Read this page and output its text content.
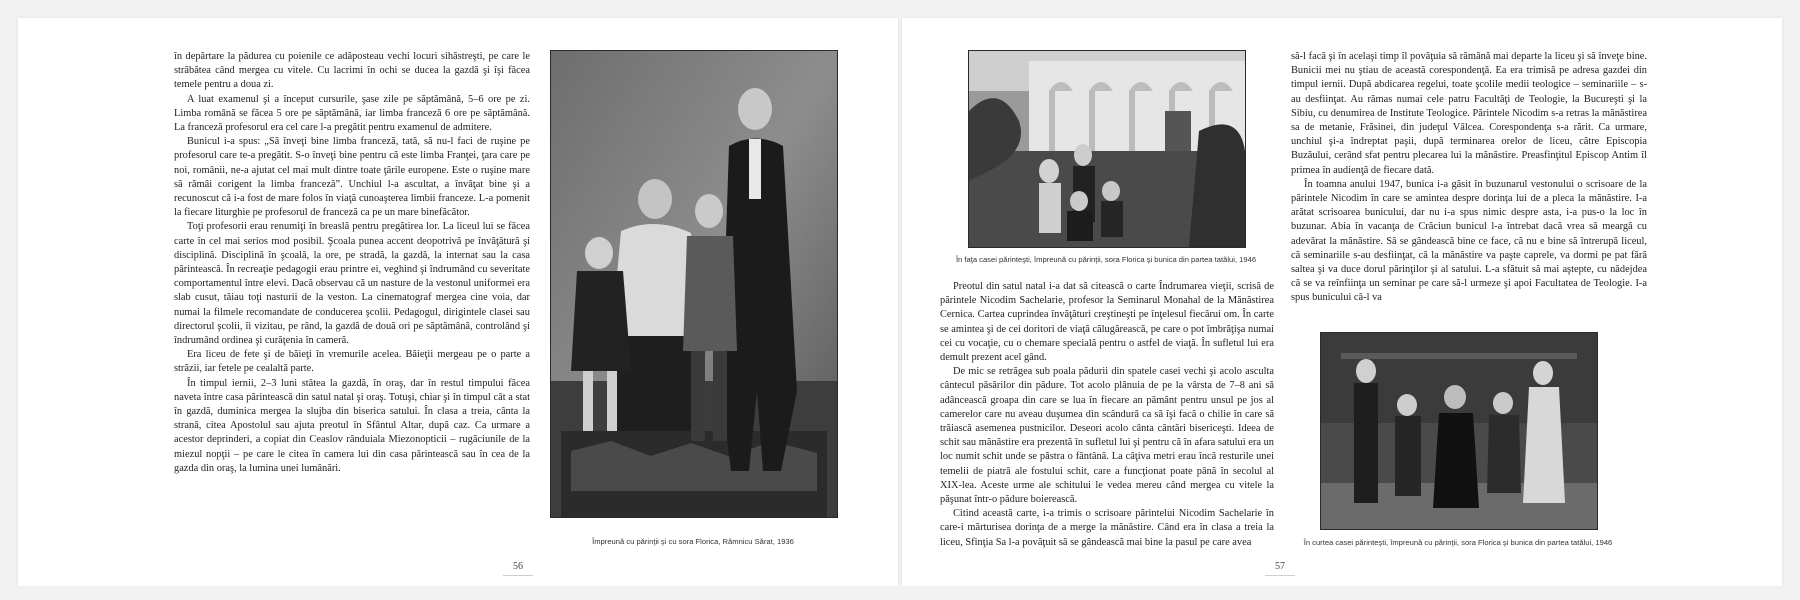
în depărtare la pădurea cu poienile ce adăposteau vechi locuri sihăstreşti, pe care le străbătea când mergea cu vitele. Cu lacrimi în ochi se ducea la gazdă şi îşi făcea temele pentru a doua zi.

A luat examenul şi a început cursurile, şase zile pe săptămână, 5–6 ore pe zi. Limba română se făcea 5 ore pe săptămână, iar limba franceză 6 ore pe săptămână. La franceză profesorul era cel care l-a pregătit pentru examenul de admitere.

Bunicul i-a spus: „Să înveţi bine limba franceză, tată, să nu-l faci de ruşine pe profesorul care te-a pregătit. S-o înveţi bine pentru că este limba Franţei, ţara care pe noi, românii, ne-a ajutat cel mai mult dintre toate ţările europene. Este o ruşine mare să rămâi corigent la limba franceză”. Unchiul l-a ascultat, a învăţat bine şi a recunoscut că i-a fost de mare folos în viaţă cunoaşterea limbii franceze. L-a pomenit la fiecare liturghie pe profesorul de franceză ca pe un mare binefăcător.

Toţi profesorii erau renumiţi în breaslă pentru pregătirea lor. La liceul lui se făcea carte în cel mai serios mod posibil. Şcoala punea accent deopotrivă pe învăţătură şi disciplină. Disciplină în şcoală, la ore, pe stradă, la gazdă, la internat sau la casa părintească. În recreaţie pedagogii erau printre ei, veghind şi îndrumând cu severitate comportamentul între elevi. Dacă observau că un nasture de la vestonul uniformei era slab cusut, tăiau toţi nasturii de la veston. La cinematograf mergea cine voia, dar numai la filmele recomandate de conducerea şcolii. Pedagogul, dirigintele clasei sau directorul şcolii, îi vizitau, pe rând, la gazdă de două ori pe săptămână, controlând şi îndrumând ordinea şi curăţenia în cameră.

Era liceu de fete şi de băieţi în vremurile acelea. Băieţii mergeau pe o parte a străzii, iar fetele pe cealaltă parte.

În timpul iernii, 2–3 luni stătea la gazdă, în oraş, dar în restul timpului făcea naveta între casa părintească din satul natal şi oraş. Totuşi, chiar şi în timpul cât a stat în gazdă, duminica mergea la slujba din biserica satului. În clasa a treia, cânta la strană, citea Apostolul sau ajuta preotul în Sfântul Altar, după caz. Ca urmare a acestor deprinderi, a copiat din Ceaslov rânduiala Miezonopticii – rugăciunile de la miezul nopţii – pe care le citea în camera lui din casa părintească sau în cea de la gazda din oraş, la lumina unei lumânări.

Împreună cu părinţii şi cu sora Florica, Râmnicu Sărat, 1936
56
În faţa casei părinteşti, împreună cu părinţii, sora Florica şi bunica din partea tatălui, 1946

Preotul din satul natal i-a dat să citească o carte Îndrumarea vieţii, scrisă de părintele Nicodim Sachelarie, profesor la Seminarul Monahal de la Mănăstirea Cernica. Cartea cuprindea învăţături creştineşti pe înţelesul fiecărui om. În carte se amintea şi de cei doritori de viaţă călugărească, pe care o pot îmbrăţişa numai cei cu vocaţie, cu o chemare specială pentru o astfel de viaţă. În sufletul lui era demult prezent acel gând.

De mic se retrăgea sub poala pădurii din spatele casei vechi şi acolo asculta cântecul păsărilor din pădure. Tot acolo plănuia de pe la vârsta de 7–8 ani să adâncească groapa din care se lua în fiecare an pământ pentru unsul pe jos al camerelor care nu aveau duşumea din scândură ca să îşi facă o chilie în care să trăiască asemenea pustnicilor. Deseori acolo cânta cântări bisericeşti. Ideea de schit sau mănăstire era prezentă în sufletul lui şi pentru că în afara satului era un loc numit schit unde se păstra o fântână. La câţiva metri erau încă resturile unei temelii de piatră ale fostului schit, care a funcţionat poate până în secolul al XIX-lea. Aceste urme ale schitului le vedea mereu când mergea cu vitele la păşunat într-o pădure boierească.

Citind această carte, i-a trimis o scrisoare părintelui Nicodim Sachelarie în care-i mărturisea dorinţa de a merge la mănăstire. Când era în clasa a treia la liceu, Sfinţia Sa l-a povăţuit să se gândească mai bine la pasul pe care avea

să-l facă şi în acelaşi timp îl povăţuia să rămână mai departe la liceu şi să înveţe bine. Bunicii mei nu ştiau de această corespondenţă. Ea era trimisă pe adresa gazdei din timpul iernii. După abdicarea regelui, toate şcolile medii teologice – seminariile – s-au desfiinţat. Au rămas numai cele patru Facultăţi de Teologie, la Bucureşti şi la Sibiu, cu denumirea de Institute Teologice. Părintele Nicodim s-a retras la mănăstirea sa de metanie, Frăsinei, din judeţul Vâlcea. Corespondenţa s-a rărit. Ca urmare, unchiul şi-a îndreptat paşii, după terminarea orelor de liceu, către Episcopia Buzăului, cerând sfat pentru plecarea lui la mănăstire. Preasfinţitul Episcop Antim îl primea în audienţă de fiecare dată.

În toamna anului 1947, bunica i-a găsit în buzunarul vestonului o scrisoare de la părintele Nicodim în care se amintea despre dorinţa lui de a pleca la mănăstire. I-a arătat scrisoarea bunicului, dar nu i-a spus nimic despre asta, i-a pus-o la loc în buzunar. Abia în vacanţa de Crăciun bunicul l-a întrebat dacă vrea să meargă cu adevărat la mănăstire. Să se gândească bine ce face, că nu e bine să întrerupă liceul, că seminariile s-au desfiinţat, că la mănăstire va paşte caprele, va dormi pe pat fără saltea şi va duce dorul părinţilor şi al satului. L-a sfătuit să mai aştepte, cu nădejdea că se va reînfiinţa un seminar pe care să-l urmeze şi apoi Facultatea de Teologie. I-a spus bunicului că-l va

În curtea casei părinteşti, împreună cu părinţii, sora Florica şi bunica din partea tatălui, 1946
57
